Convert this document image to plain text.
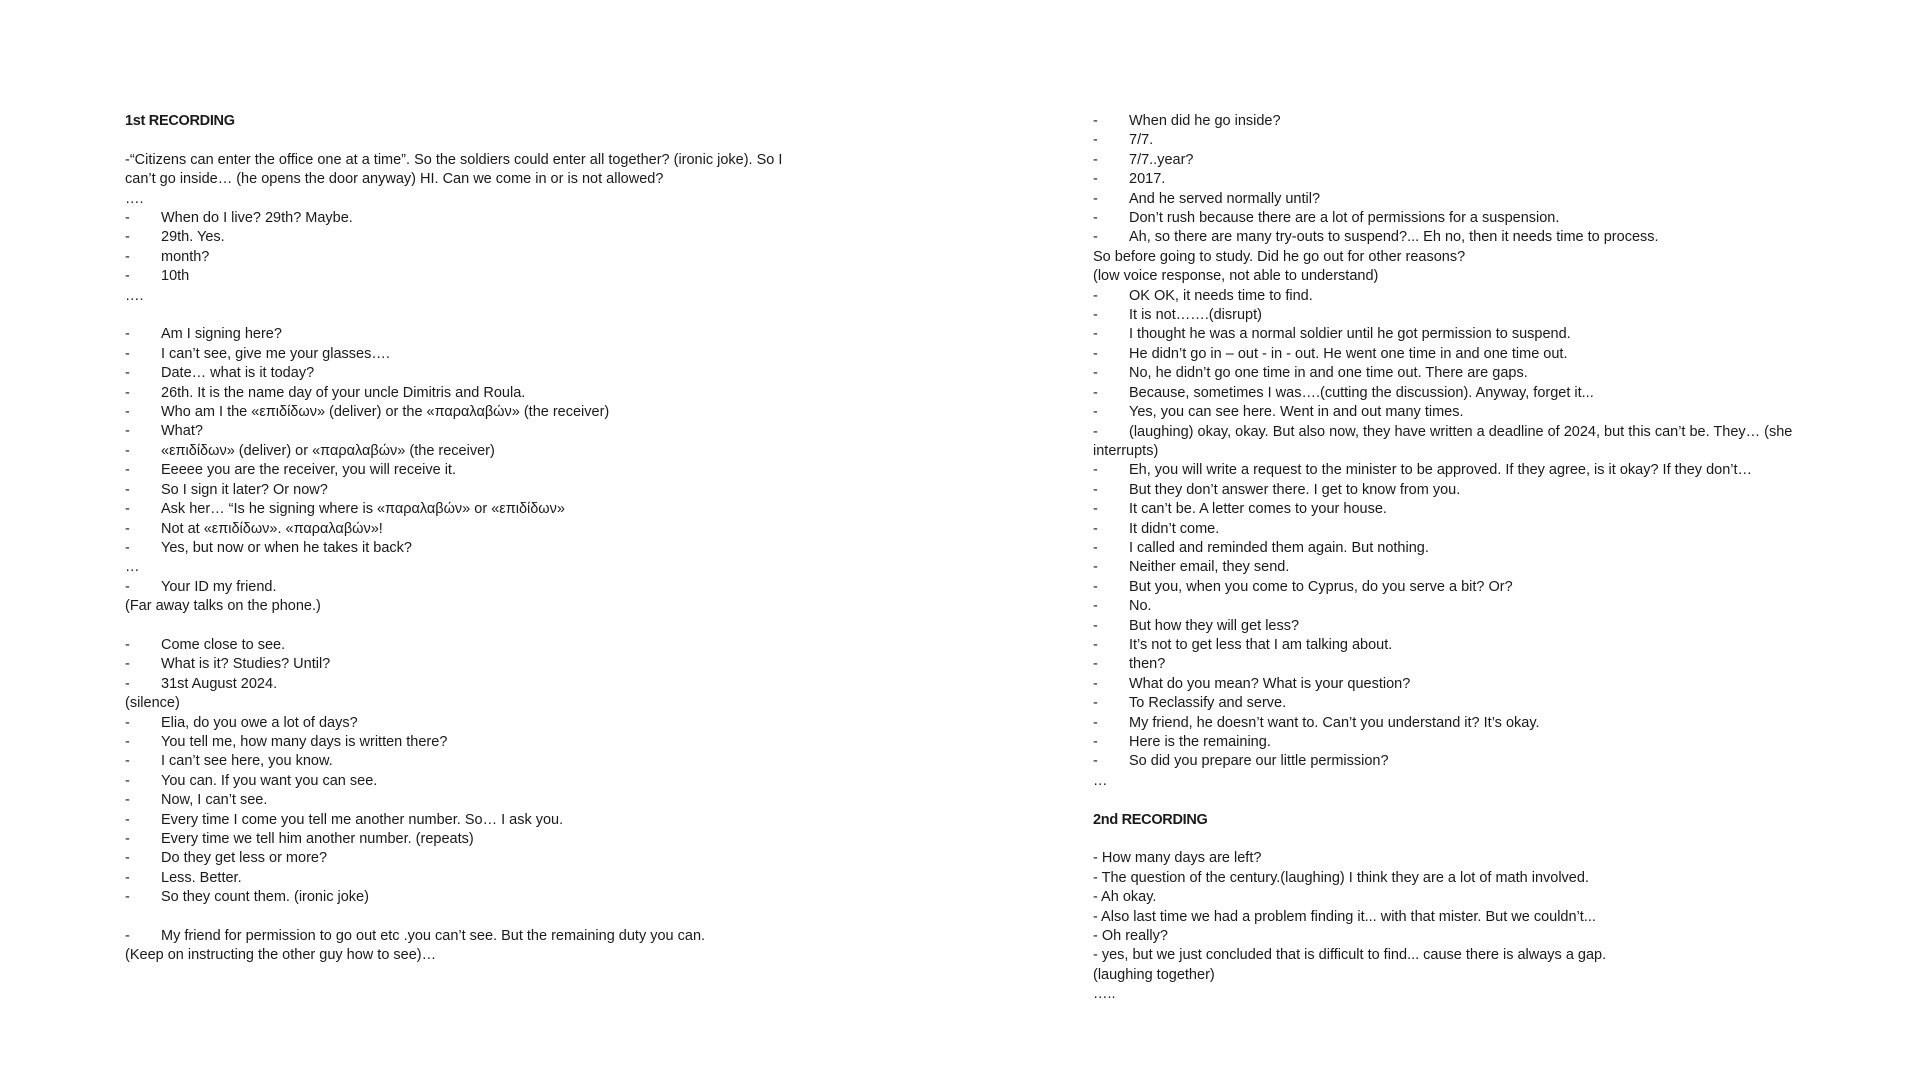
1st RECORDING
-“Citizens can enter the office one at a time”. So the soldiers could enter all together? (ironic joke). So I
can’t go inside… (he opens the door anyway) HI. Can we come in or is not allowed?
….
- When do I live? 29th? Maybe.
- 29th. Yes.
- month?
- 10th
….
- Am I signing here?
- I can’t see, give me your glasses….
- Date… what is it today?
- 26th. It is the name day of your uncle Dimitris and Roula.
- Who am I the «επιδίδων» (deliver) or the «παραλαβών» (the receiver)
- What?
- «επιδίδων» (deliver) or «παραλαβών» (the receiver)
- Eeeee you are the receiver, you will receive it.
- So I sign it later? Or now?
- Ask her… “Is he signing where is «παραλαβών» or «επιδίδων»
- Not at «επιδίδων». «παραλαβών»!
- Yes, but now or when he takes it back?
…
- Your ID my friend.
(Far away talks on the phone.)
- Come close to see.
- What is it? Studies? Until?
- 31st August 2024.
(silence)
- Elia, do you owe a lot of days?
- You tell me, how many days is written there?
- I can’t see here, you know.
- You can. If you want you can see.
- Now, I can’t see.
- Every time I come you tell me another number. So… I ask you.
- Every time we tell him another number. (repeats)
- Do they get less or more?
- Less. Better.
- So they count them. (ironic joke)
- My friend for permission to go out etc .you can’t see. But the remaining duty you can.
(Keep on instructing the other guy how to see)…
- When did he go inside?
- 7/7.
- 7/7..year?
- 2017.
- And he served normally until?
- Don’t rush because there are a lot of permissions for a suspension.
- Ah, so there are many try-outs to suspend?... Eh no, then it needs time to process.
So before going to study. Did he go out for other reasons?
(low voice response, not able to understand)
- OK OK, it needs time to find.
- It is not…….(disrupt)
- I thought he was a normal soldier until he got permission to suspend.
- He didn’t go in – out - in - out. He went one time in and one time out.
- No, he didn’t go one time in and one time out. There are gaps.
- Because, sometimes I was….(cutting the discussion). Anyway, forget it...
- Yes, you can see here. Went in and out many times.
- (laughing) okay, okay. But also now, they have written a deadline of 2024, but this can’t be. They… (she
interrupts)
- Eh, you will write a request to the minister to be approved. If they agree, is it okay? If they don’t…
- But they don’t answer there. I get to know from you.
- It can’t be. A letter comes to your house.
- It didn’t come.
- I called and reminded them again. But nothing.
- Neither email, they send.
- But you, when you come to Cyprus, do you serve a bit? Or?
- No.
- But how they will get less?
- It’s not to get less that I am talking about.
- then?
- What do you mean? What is your question?
- To Reclassify and serve.
- My friend, he doesn’t want to. Can’t you understand it? It’s okay.
- Here is the remaining.
- So did you prepare our little permission?
…
2nd RECORDING
- How many days are left?
- The question of the century.(laughing) I think they are a lot of math involved.
- Ah okay.
- Also last time we had a problem finding it... with that mister. But we couldn’t...
- Oh really?
- yes, but we just concluded that is difficult to find... cause there is always a gap.
(laughing together)
…..
